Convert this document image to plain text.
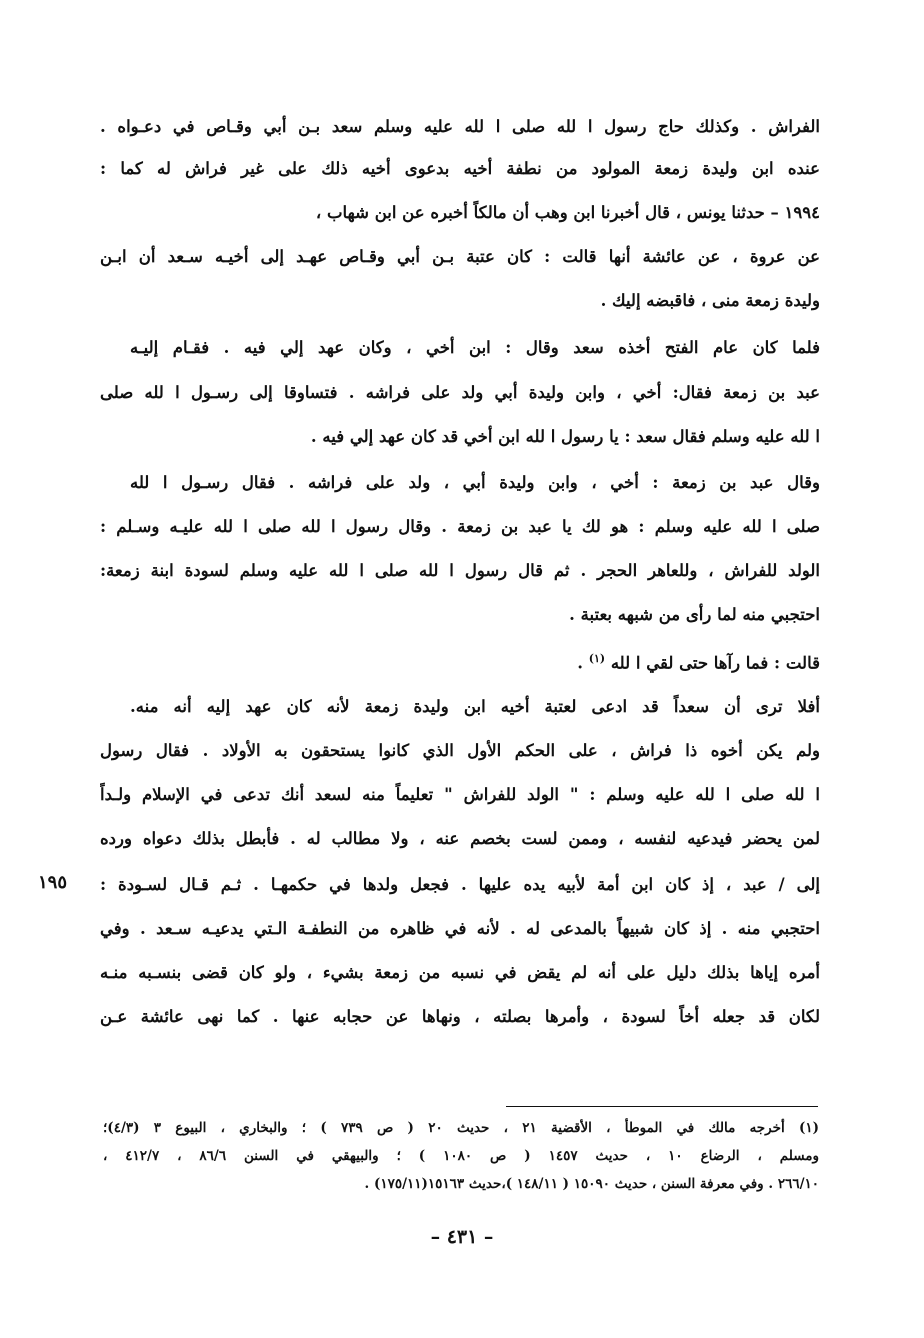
الفراش . وكذلك حاج رسول ا لله صلى ا لله عليه وسلم سعد بـن أبي وقـاص في دعـواه .
عنده ابن وليدة زمعة المولود من نطفة أخيه بدعوى أخيه ذلك على غير فراش له كما :
١٩٩٤ – حدثنا يونس ، قال أخبرنا ابن وهب أن مالكاً أخبره عن ابن شهاب ،
عن عروة ، عن عائشة أنها قالت : كان عتبة بـن أبي وقـاص عهـد إلى أخيـه سـعد أن ابـن
وليدة زمعة منى ، فاقبضه إليك .
فلما كان عام الفتح أخذه سعد وقال : ابن أخي ، وكان عهد إلي فيه . فقـام إليـه
عبد بن زمعة فقال: أخي ، وابن وليدة أبي ولد على فراشه . فتساوقا إلى رسـول ا لله صلى
ا لله عليه وسلم فقال سعد : يا رسول ا لله ابن أخي قد كان عهد إلي فيه .
وقال عبد بن زمعة : أخي ، وابن وليدة أبي ، ولد على فراشه . فقال رسـول ا لله
صلى ا لله عليه وسلم : هو لك يا عبد بن زمعة . وقال رسول ا لله صلى ا لله عليـه وسـلم :
الولد للفراش ، وللعاهر الحجر . ثم قال رسول ا لله صلى ا لله عليه وسلم لسودة ابنة زمعة:
احتجبي منه لما رأى من شبهه بعتبة .
قالت : فما رآها حتى لقي ا لله $^{(١)}$ .
أفلا ترى أن سعداً قد ادعى لعتبة أخيه ابن وليدة زمعة لأنه كان عهد إليه أنه منه.
ولم يكن أخوه ذا فراش ، على الحكم الأول الذي كانوا يستحقون به الأولاد . فقال رسول
ا لله صلى ا لله عليه وسلم : " الولد للفراش " تعليماً منه لسعد أنك تدعى في الإسلام ولـداً
لمن يحضر فيدعيه لنفسه ، وممن لست بخصم عنه ، ولا مطالب له . فأبطل بذلك دعواه ورده
إلى / عبد ، إذ كان ابن أمة لأبيه يده عليها . فجعل ولدها في حكمهـا . ثـم قـال لسـودة :
احتجبي منه . إذ كان شبيهاً بالمدعى له . لأنه في ظاهره من النطفـة الـتي يدعيـه سـعد . وفي
أمره إياها بذلك دليل على أنه لم يقض في نسبه من زمعة بشيء ، ولو كان قضى بنسـبه منـه
لكان قد جعله أخاً لسودة ، وأمرها بصلته ، ونهاها عن حجابه عنها . كما نهى عائشة عـن
١٩٥
(١) أخرجه مالك في الموطأ ، الأقضية ٢١ ، حديث ٢٠ ( ص ٧٣٩ ) ؛ والبخاري ، البيوع ٣ (٤/٣)؛
ومسلم ، الرضاع ١٠ ، حديث ١٤٥٧ ( ص ١٠٨٠ ) ؛ والبيهقي في السنن ٨٦/٦ ، ٤١٢/٧ ،
٢٦٦/١٠ . وفي معرفة السنن ، حديث ١٥٠٩٠ ( ١٤٨/١١ )،حديث ١٥١٦٣(١٧٥/١١) .
– ٤٣١ –
